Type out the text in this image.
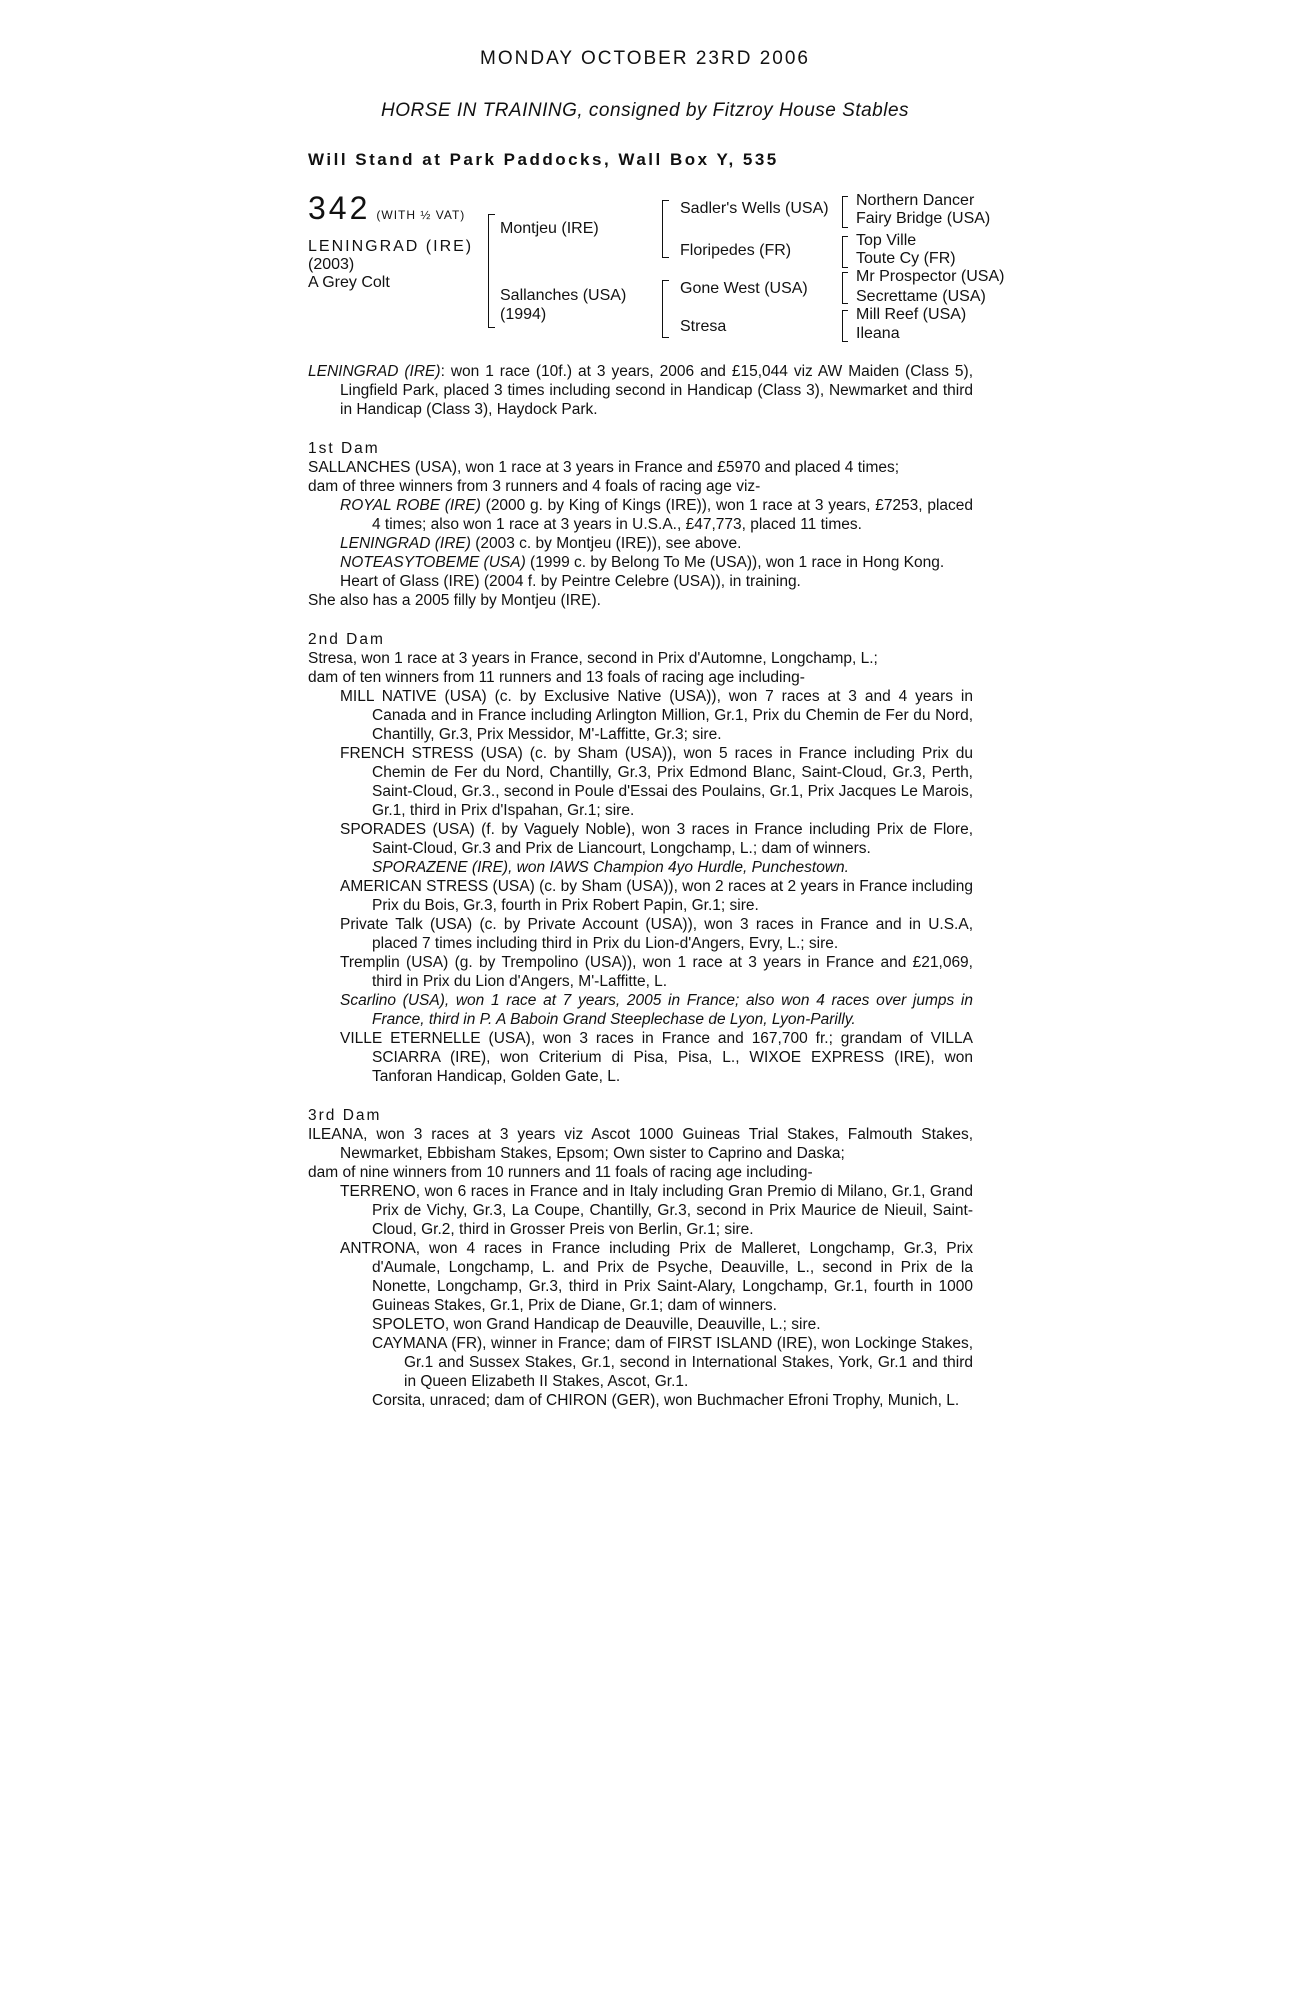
MONDAY OCTOBER 23RD 2006
HORSE IN TRAINING, consigned by Fitzroy House Stables
Will Stand at Park Paddocks, Wall Box Y, 535
342 (WITH ½ VAT)
LENINGRAD (IRE)
(2003)
A Grey Colt
Montjeu (IRE)
Sallanches (USA)
(1994)
Sadler's Wells (USA)
Floripedes (FR)
Gone West (USA)
Stresa
Northern Dancer
Fairy Bridge (USA)
Top Ville
Toute Cy (FR)
Mr Prospector (USA)
Secrettame (USA)
Mill Reef (USA)
Ileana
LENINGRAD (IRE): won 1 race (10f.) at 3 years, 2006 and £15,044 viz AW Maiden (Class 5), Lingfield Park, placed 3 times including second in Handicap (Class 3), Newmarket and third in Handicap (Class 3), Haydock Park.
1st Dam
SALLANCHES (USA), won 1 race at 3 years in France and £5970 and placed 4 times;
dam of three winners from 3 runners and 4 foals of racing age viz-
ROYAL ROBE (IRE) (2000 g. by King of Kings (IRE)), won 1 race at 3 years, £7253, placed 4 times; also won 1 race at 3 years in U.S.A., £47,773, placed 11 times.
LENINGRAD (IRE) (2003 c. by Montjeu (IRE)), see above.
NOTEASYTOBEME (USA) (1999 c. by Belong To Me (USA)), won 1 race in Hong Kong.
Heart of Glass (IRE) (2004 f. by Peintre Celebre (USA)), in training.
She also has a 2005 filly by Montjeu (IRE).
2nd Dam
Stresa, won 1 race at 3 years in France, second in Prix d'Automne, Longchamp, L.;
dam of ten winners from 11 runners and 13 foals of racing age including-
MILL NATIVE (USA) (c. by Exclusive Native (USA)), won 7 races at 3 and 4 years in Canada and in France including Arlington Million, Gr.1, Prix du Chemin de Fer du Nord, Chantilly, Gr.3, Prix Messidor, M'-Laffitte, Gr.3; sire.
FRENCH STRESS (USA) (c. by Sham (USA)), won 5 races in France including Prix du Chemin de Fer du Nord, Chantilly, Gr.3, Prix Edmond Blanc, Saint-Cloud, Gr.3, Perth, Saint-Cloud, Gr.3., second in Poule d'Essai des Poulains, Gr.1, Prix Jacques Le Marois, Gr.1, third in Prix d'Ispahan, Gr.1; sire.
SPORADES (USA) (f. by Vaguely Noble), won 3 races in France including Prix de Flore, Saint-Cloud, Gr.3 and Prix de Liancourt, Longchamp, L.; dam of winners.
SPORAZENE (IRE), won IAWS Champion 4yo Hurdle, Punchestown.
AMERICAN STRESS (USA) (c. by Sham (USA)), won 2 races at 2 years in France including Prix du Bois, Gr.3, fourth in Prix Robert Papin, Gr.1; sire.
Private Talk (USA) (c. by Private Account (USA)), won 3 races in France and in U.S.A, placed 7 times including third in Prix du Lion-d'Angers, Evry, L.; sire.
Tremplin (USA) (g. by Trempolino (USA)), won 1 race at 3 years in France and £21,069, third in Prix du Lion d'Angers, M'-Laffitte, L.
Scarlino (USA), won 1 race at 7 years, 2005 in France; also won 4 races over jumps in France, third in P. A Baboin Grand Steeplechase de Lyon, Lyon-Parilly.
VILLE ETERNELLE (USA), won 3 races in France and 167,700 fr.; grandam of VILLA SCIARRA (IRE), won Criterium di Pisa, Pisa, L., WIXOE EXPRESS (IRE), won Tanforan Handicap, Golden Gate, L.
3rd Dam
ILEANA, won 3 races at 3 years viz Ascot 1000 Guineas Trial Stakes, Falmouth Stakes, Newmarket, Ebbisham Stakes, Epsom; Own sister to Caprino and Daska;
dam of nine winners from 10 runners and 11 foals of racing age including-
TERRENO, won 6 races in France and in Italy including Gran Premio di Milano, Gr.1, Grand Prix de Vichy, Gr.3, La Coupe, Chantilly, Gr.3, second in Prix Maurice de Nieuil, Saint-Cloud, Gr.2, third in Grosser Preis von Berlin, Gr.1; sire.
ANTRONA, won 4 races in France including Prix de Malleret, Longchamp, Gr.3, Prix d'Aumale, Longchamp, L. and Prix de Psyche, Deauville, L., second in Prix de la Nonette, Longchamp, Gr.3, third in Prix Saint-Alary, Longchamp, Gr.1, fourth in 1000 Guineas Stakes, Gr.1, Prix de Diane, Gr.1; dam of winners.
SPOLETO, won Grand Handicap de Deauville, Deauville, L.; sire.
CAYMANA (FR), winner in France; dam of FIRST ISLAND (IRE), won Lockinge Stakes, Gr.1 and Sussex Stakes, Gr.1, second in International Stakes, York, Gr.1 and third in Queen Elizabeth II Stakes, Ascot, Gr.1.
Corsita, unraced; dam of CHIRON (GER), won Buchmacher Efroni Trophy, Munich, L.
